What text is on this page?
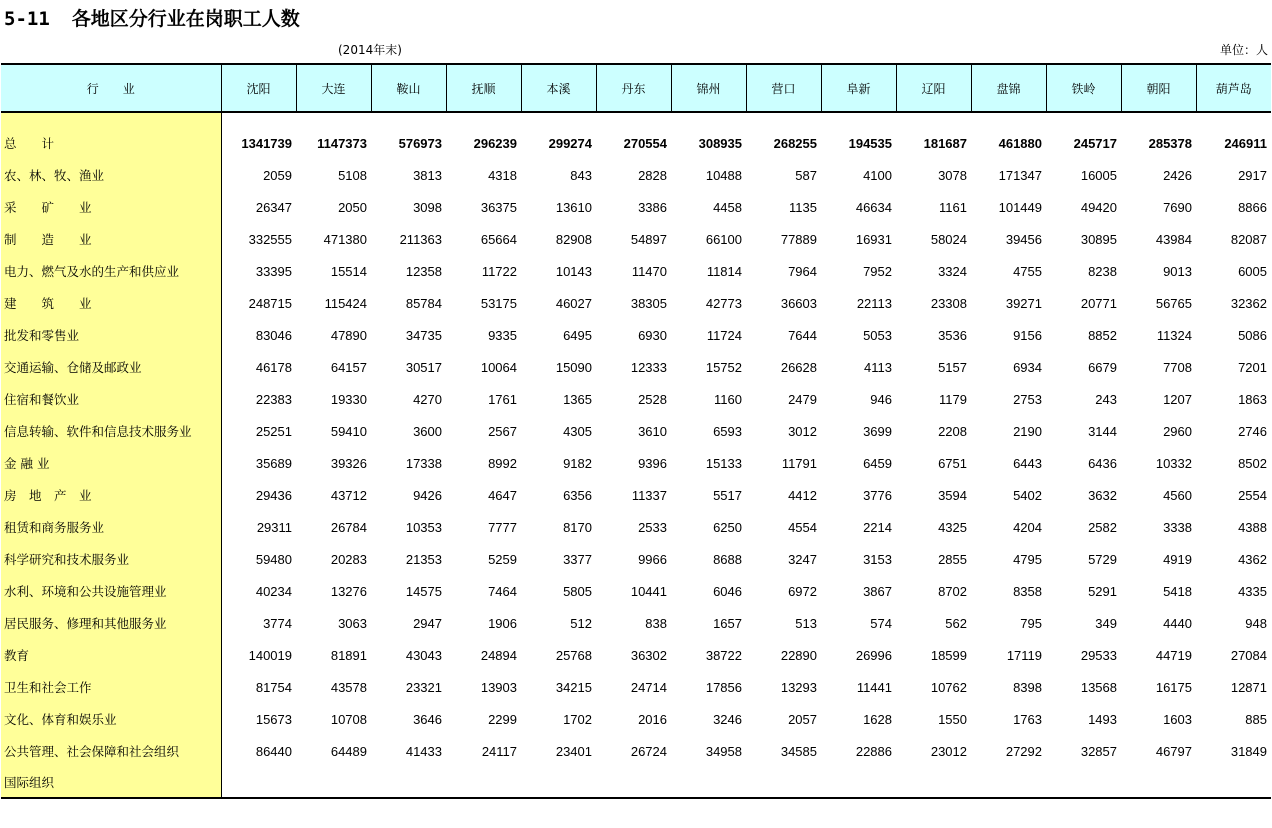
5-11 各地区分行业在岗职工人数
(2014年末)	单位：人
行　　业	沈阳	大连	鞍山	抚顺	本溪	丹东	锦州	营口	阜新	辽阳	盘锦	铁岭	朝阳	葫芦岛
总　　计	1341739	1147373	576973	296239	299274	270554	308935	268255	194535	181687	461880	245717	285378	246911
农、林、牧、渔业	2059	5108	3813	4318	843	2828	10488	587	4100	3078	171347	16005	2426	2917
采　　矿　　业	26347	2050	3098	36375	13610	3386	4458	1135	46634	1161	101449	49420	7690	8866
制　　造　　业	332555	471380	211363	65664	82908	54897	66100	77889	16931	58024	39456	30895	43984	82087
电力、燃气及水的生产和供应业	33395	15514	12358	11722	10143	11470	11814	7964	7952	3324	4755	8238	9013	6005
建　　筑　　业	248715	115424	85784	53175	46027	38305	42773	36603	22113	23308	39271	20771	56765	32362
批发和零售业	83046	47890	34735	9335	6495	6930	11724	7644	5053	3536	9156	8852	11324	5086
交通运输、仓储及邮政业	46178	64157	30517	10064	15090	12333	15752	26628	4113	5157	6934	6679	7708	7201
住宿和餐饮业	22383	19330	4270	1761	1365	2528	1160	2479	946	1179	2753	243	1207	1863
信息转输、软件和信息技术服务业	25251	59410	3600	2567	4305	3610	6593	3012	3699	2208	2190	3144	2960	2746
金 融 业	35689	39326	17338	8992	9182	9396	15133	11791	6459	6751	6443	6436	10332	8502
房　地　产　业	29436	43712	9426	4647	6356	11337	5517	4412	3776	3594	5402	3632	4560	2554
租赁和商务服务业	29311	26784	10353	7777	8170	2533	6250	4554	2214	4325	4204	2582	3338	4388
科学研究和技术服务业	59480	20283	21353	5259	3377	9966	8688	3247	3153	2855	4795	5729	4919	4362
水利、环境和公共设施管理业	40234	13276	14575	7464	5805	10441	6046	6972	3867	8702	8358	5291	5418	4335
居民服务、修理和其他服务业	3774	3063	2947	1906	512	838	1657	513	574	562	795	349	4440	948
教育	140019	81891	43043	24894	25768	36302	38722	22890	26996	18599	17119	29533	44719	27084
卫生和社会工作	81754	43578	23321	13903	34215	24714	17856	13293	11441	10762	8398	13568	16175	12871
文化、体育和娱乐业	15673	10708	3646	2299	1702	2016	3246	2057	1628	1550	1763	1493	1603	885
公共管理、社会保障和社会组织	86440	64489	41433	24117	23401	26724	34958	34585	22886	23012	27292	32857	46797	31849
国际组织														
